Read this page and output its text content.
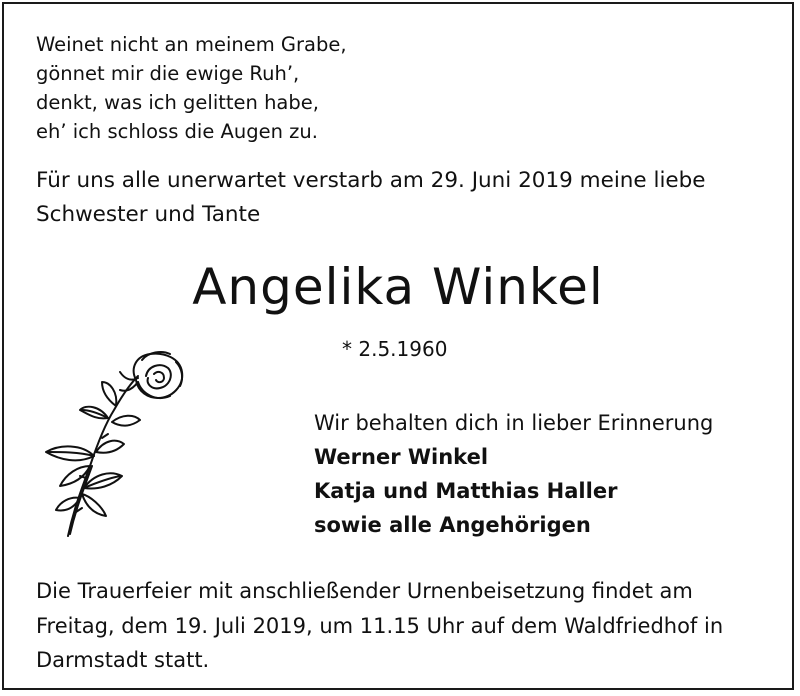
Weinet nicht an meinem Grabe,
gönnet mir die ewige Ruh’,
denkt, was ich gelitten habe,
eh’ ich schloss die Augen zu.
Für uns alle unerwartet verstarb am 29. Juni 2019 meine liebe Schwester und Tante
Angelika Winkel
* 2.5.1960
Wir behalten dich in lieber Erinnerung
Werner Winkel
Katja und Matthias Haller
sowie alle Angehörigen
Die Trauerfeier mit anschließender Urnenbeisetzung findet am Freitag, dem 19. Juli 2019, um 11.15 Uhr auf dem Waldfriedhof in Darmstadt statt.
